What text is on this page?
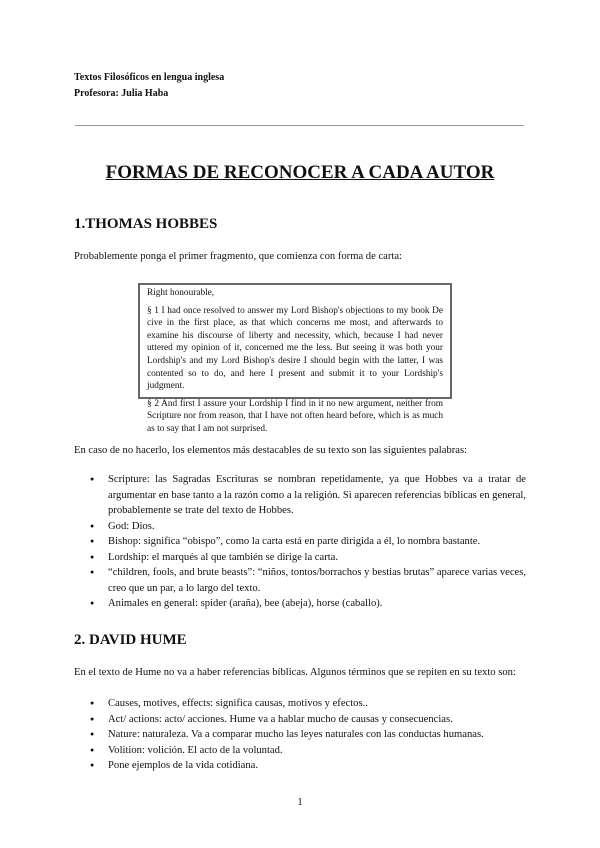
Textos Filosóficos en lengua inglesa
Profesora: Julia Haba
FORMAS DE RECONOCER A CADA AUTOR
1.THOMAS HOBBES
Probablemente ponga el primer fragmento, que comienza con forma de carta:

Right honourable,

§ 1 I had once resolved to answer my Lord Bishop's objections to my book De cive in the first place, as that which concerns me most, and afterwards to examine his discourse of liberty and necessity, which, because I had never uttered my opinion of it, concerned me the less. But seeing it was both your Lordship's and my Lord Bishop's desire I should begin with the latter, I was contented so to do, and here I present and submit it to your Lordship's judgment.

§ 2 And first I assure your Lordship I find in it no new argument, neither from Scripture nor from reason, that I have not often heard before, which is as much as to say that I am not surprised.

En caso de no hacerlo, los elementos más destacables de su texto son las siguientes palabras:
● Scripture: las Sagradas Escrituras se nombran repetidamente, ya que Hobbes va a tratar de argumentar en base tanto a la razón como a la religión. Si aparecen referencias bíblicas en general, probablemente se trate del texto de Hobbes.
● God: Dios.
● Bishop: significa “obispo”, como la carta está en parte dirigida a él, lo nombra bastante.
● Lordship: el marqués al que también se dirige la carta.
● “children, fools, and brute beasts”: “niños, tontos/borrachos y bestias brutas” aparece varias veces, creo que un par, a lo largo del texto.
● Animales en general: spider (araña), bee (abeja), horse (caballo).
2. DAVID HUME
En el texto de Hume no va a haber referencias bíblicas. Algunos términos que se repiten en su texto son:
● Causes, motives, effects: significa causas, motivos y efectos..
● Act/ actions: acto/ acciones. Hume va a hablar mucho de causas y consecuencias.
● Nature: naturaleza. Va a comparar mucho las leyes naturales con las conductas humanas.
● Volition: volición. El acto de la voluntad.
● Pone ejemplos de la vida cotidiana.
1
